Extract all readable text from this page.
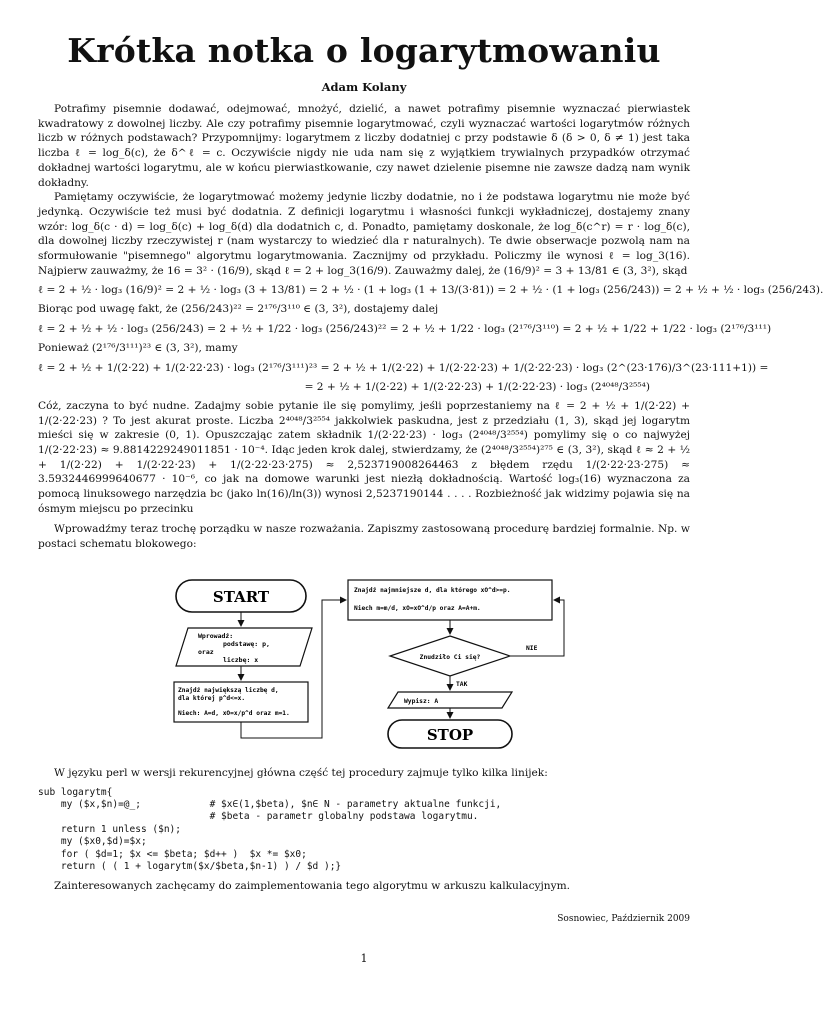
Krótka notka o logarytmowaniu
Adam Kolany

Potrafimy pisemnie dodawać, odejmować, mnożyć, dzielić, a nawet potrafimy pisemnie wyznaczać pierwiastek kwadratowy z dowolnej liczby. Ale czy potrafimy pisemnie logarytmować, czyli wyznaczać wartości logarytmów różnych liczb w różnych podstawach? Przypomnijmy: logarytmem z liczby dodatniej c przy podstawie δ (δ > 0, δ ≠ 1) jest taka liczba ℓ = log_δ(c), że δ^ℓ = c. Oczywiście nigdy nie uda nam się z wyjątkiem trywialnych przypadków otrzymać dokładnej wartości logarytmu, ale w końcu pierwiastkowanie, czy nawet dzielenie pisemne nie zawsze dadzą nam wynik dokładny.

Pamiętamy oczywiście, że logarytmować możemy jedynie liczby dodatnie, no i że podstawa logarytmu nie może być jedynką. Oczywiście też musi być dodatnia. Z definicji logarytmu i własności funkcji wykładniczej, dostajemy znany wzór: log_δ(c · d) = log_δ(c) + log_δ(d) dla dodatnich c, d. Ponadto, pamiętamy doskonale, że log_δ(c^r) = r · log_δ(c), dla dowolnej liczby rzeczywistej r (nam wystarczy to wiedzieć dla r naturalnych). Te dwie obserwacje pozwolą nam na sformułowanie "pisemnego" algorytmu logarytmowania. Zacznijmy od przykładu. Policzmy ile wynosi ℓ = log_3(16). Najpierw zauważmy, że 16 = 3² · (16/9), skąd ℓ = 2 + log_3(16/9). Zauważmy dalej, że (16/9)² = 3 + 13/81 ∈ (3, 3²), skąd

ℓ = 2 + ½ · log₃ (16/9)² = 2 + ½ · log₃ (3 + 13/81) = 2 + ½ · (1 + log₃ (1 + 13/(3·81)) = 2 + ½ · (1 + log₃ (256/243)) = 2 + ½ + ½ · log₃ (256/243).

Biorąc pod uwagę fakt, że (256/243)²² = 2¹⁷⁶/3¹¹⁰ ∈ (3, 3²), dostajemy dalej

ℓ = 2 + ½ + ½ · log₃ (256/243) = 2 + ½ + 1/22 · log₃ (256/243)²² = 2 + ½ + 1/22 · log₃ (2¹⁷⁶/3¹¹⁰) = 2 + ½ + 1/22 + 1/22 · log₃ (2¹⁷⁶/3¹¹¹)

Ponieważ (2¹⁷⁶/3¹¹¹)²³ ∈ (3, 3²), mamy

ℓ = 2 + ½ + 1/(2·22) + 1/(2·22·23) · log₃ (2¹⁷⁶/3¹¹¹)²³ = 2 + ½ + 1/(2·22) + 1/(2·22·23) + 1/(2·22·23) · log₃ (2^(23·176)/3^(23·111+1)) =
= 2 + ½ + 1/(2·22) + 1/(2·22·23) + 1/(2·22·23) · log₃ (2⁴⁰⁴⁸/3²⁵⁵⁴)

Cóż, zaczyna to być nudne. Zadajmy sobie pytanie ile się pomylimy, jeśli poprzestaniemy na ℓ = 2 + ½ + 1/(2·22) + 1/(2·22·23) ? To jest akurat proste. Liczba 2⁴⁰⁴⁸/3²⁵⁵⁴ jakkolwiek paskudna, jest z przedziału (1, 3), skąd jej logarytm mieści się w zakresie (0, 1). Opuszczając zatem składnik 1/(2·22·23) · log₃ (2⁴⁰⁴⁸/3²⁵⁵⁴) pomylimy się o co najwyżej 1/(2·22·23) ≈ 9.8814229249011851 · 10⁻⁴. Idąc jeden krok dalej, stwierdzamy, że (2⁴⁰⁴⁸/3²⁵⁵⁴)²⁷⁵ ∈ (3, 3²), skąd ℓ ≈ 2 + ½ + 1/(2·22) + 1/(2·22·23) + 1/(2·22·23·275) ≈ 2,523719008264463 z błędem rzędu 1/(2·22·23·275) ≈ 3.5932446999640677 · 10⁻⁶, co jak na domowe warunki jest niezłą dokładnością. Wartość log₃(16) wyznaczona za pomocą linuksowego narzędzia bc (jako ln(16)/ln(3)) wynosi 2,5237190144 . . . . Rozbieżność jak widzimy pojawia się na ósmym miejscu po przecinku

Wprowadźmy teraz trochę porządku w nasze rozważania. Zapiszmy zastosowaną procedurę bardziej formalnie. Np. w postaci schematu blokowego:

START
Wprowadź: podstawę: p, oraz liczbę: x
Znajdź największą liczbę d, dla której p^d<=x. Niech: A=d, xO=x/p^d oraz m=1.
Znajdź najmniejsze d, dla którego xO^d>=p. Niech m=m/d, xO=xO^d/p oraz A=A+m.
Znudziło Ci się?
NIE
TAK
Wypisz: A
STOP

W języku perl w wersji rekurencyjnej główna część tej procedury zajmuje tylko kilka linijek:

sub logarytm{
my ($x,$n)=@_;            # $x∈(1,$beta), $n∈ N - parametry aktualne funkcji,
# $beta - parametr globalny podstawa logarytmu.
return 1 unless ($n);
my ($x0,$d)=$x;
for ( $d=1; $x <= $beta; $d++ )  $x *= $x0;
return ( ( 1 + logarytm($x/$beta,$n-1) ) / $d );}

Zainteresowanych zachęcamy do zaimplementowania tego algorytmu w arkuszu kalkulacyjnym.

Sosnowiec, Październik 2009
1
